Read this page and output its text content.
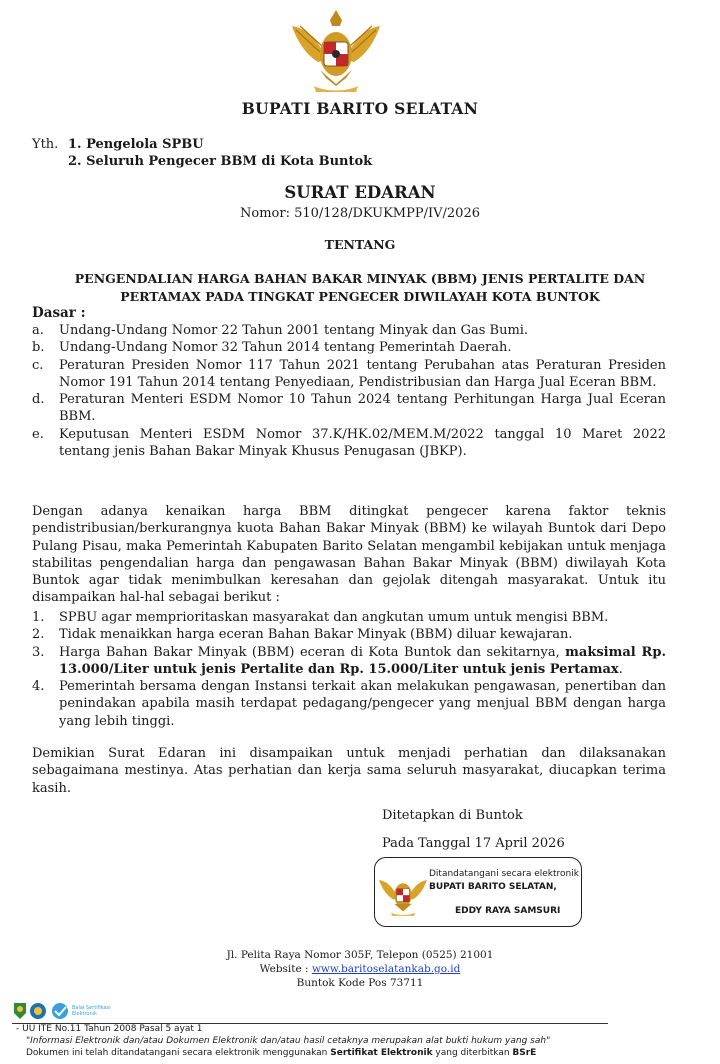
BUPATI BARITO SELATAN
Yth. 1. Pengelola SPBU
2. Seluruh Pengecer BBM di Kota Buntok
SURAT EDARAN
Nomor: 510/128/DKUKMPP/IV/2026
TENTANG
PENGENDALIAN HARGA BAHAN BAKAR MINYAK (BBM) JENIS PERTALITE DAN
PERTAMAX PADA TINGKAT PENGECER DIWILAYAH KOTA BUNTOK
Dasar :
a. Undang-Undang Nomor 22 Tahun 2001 tentang Minyak dan Gas Bumi.
b. Undang-Undang Nomor 32 Tahun 2014 tentang Pemerintah Daerah.
c. Peraturan Presiden Nomor 117 Tahun 2021 tentang Perubahan atas Peraturan Presiden Nomor 191 Tahun 2014 tentang Penyediaan, Pendistribusian dan Harga Jual Eceran BBM.
d. Peraturan Menteri ESDM Nomor 10 Tahun 2024 tentang Perhitungan Harga Jual Eceran BBM.
e. Keputusan Menteri ESDM Nomor 37.K/HK.02/MEM.M/2022 tanggal 10 Maret 2022 tentang jenis Bahan Bakar Minyak Khusus Penugasan (JBKP).
Dengan adanya kenaikan harga BBM ditingkat pengecer karena faktor teknis pendistribusian/berkurangnya kuota Bahan Bakar Minyak (BBM) ke wilayah Buntok dari Depo Pulang Pisau, maka Pemerintah Kabupaten Barito Selatan mengambil kebijakan untuk menjaga stabilitas pengendalian harga dan pengawasan Bahan Bakar Minyak (BBM) diwilayah Kota Buntok agar tidak menimbulkan keresahan dan gejolak ditengah masyarakat. Untuk itu disampaikan hal-hal sebagai berikut :
1. SPBU agar memprioritaskan masyarakat dan angkutan umum untuk mengisi BBM.
2. Tidak menaikkan harga eceran Bahan Bakar Minyak (BBM) diluar kewajaran.
3. Harga Bahan Bakar Minyak (BBM) eceran di Kota Buntok dan sekitarnya, maksimal Rp. 13.000/Liter untuk jenis Pertalite dan Rp. 15.000/Liter untuk jenis Pertamax.
4. Pemerintah bersama dengan Instansi terkait akan melakukan pengawasan, penertiban dan penindakan apabila masih terdapat pedagang/pengecer yang menjual BBM dengan harga yang lebih tinggi.
Demikian Surat Edaran ini disampaikan untuk menjadi perhatian dan dilaksanakan sebagaimana mestinya. Atas perhatian dan kerja sama seluruh masyarakat, diucapkan terima kasih.
Ditetapkan di Buntok
Pada Tanggal 17 April 2026
Ditandatangani secara elektronik
BUPATI BARITO SELATAN,
EDDY RAYA SAMSURI
Jl. Pelita Raya Nomor 305F, Telepon (0525) 21001
Website : www.baritoselatankab.go.id
Buntok Kode Pos 73711
Balai Sertifikasi
Elektronik
- UU ITE No.11 Tahun 2008 Pasal 5 ayat 1
"Informasi Elektronik dan/atau Dokumen Elektronik dan/atau hasil cetaknya merupakan alat bukti hukum yang sah"
Dokumen ini telah ditandatangani secara elektronik menggunakan Sertifikat Elektronik yang diterbitkan BSrE
